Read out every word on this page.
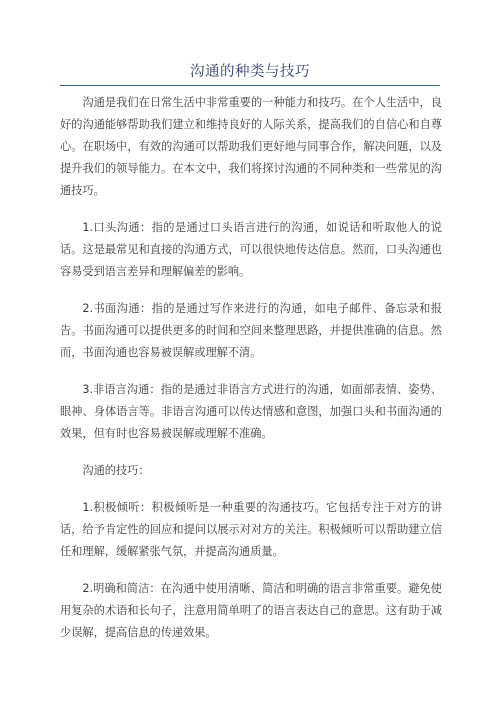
沟通的种类与技巧

沟通是我们在日常生活中非常重要的一种能力和技巧。在个人生活中，良好的沟通能够帮助我们建立和维持良好的人际关系，提高我们的自信心和自尊心。在职场中，有效的沟通可以帮助我们更好地与同事合作，解决问题，以及提升我们的领导能力。在本文中，我们将探讨沟通的不同种类和一些常见的沟通技巧。

1.口头沟通：指的是通过口头语言进行的沟通，如说话和听取他人的说话。这是最常见和直接的沟通方式，可以很快地传达信息。然而，口头沟通也容易受到语言差异和理解偏差的影响。

2.书面沟通：指的是通过写作来进行的沟通，如电子邮件、备忘录和报告。书面沟通可以提供更多的时间和空间来整理思路，并提供准确的信息。然而，书面沟通也容易被误解或理解不清。

3.非语言沟通：指的是通过非语言方式进行的沟通，如面部表情、姿势、眼神、身体语言等。非语言沟通可以传达情感和意图，加强口头和书面沟通的效果，但有时也容易被误解或理解不准确。

沟通的技巧：

1.积极倾听：积极倾听是一种重要的沟通技巧。它包括专注于对方的讲话，给予肯定性的回应和提问以展示对对方的关注。积极倾听可以帮助建立信任和理解，缓解紧张气氛，并提高沟通质量。

2.明确和简洁：在沟通中使用清晰、简洁和明确的语言非常重要。避免使用复杂的术语和长句子，注意用简单明了的语言表达自己的意思。这有助于减少误解，提高信息的传递效果。
